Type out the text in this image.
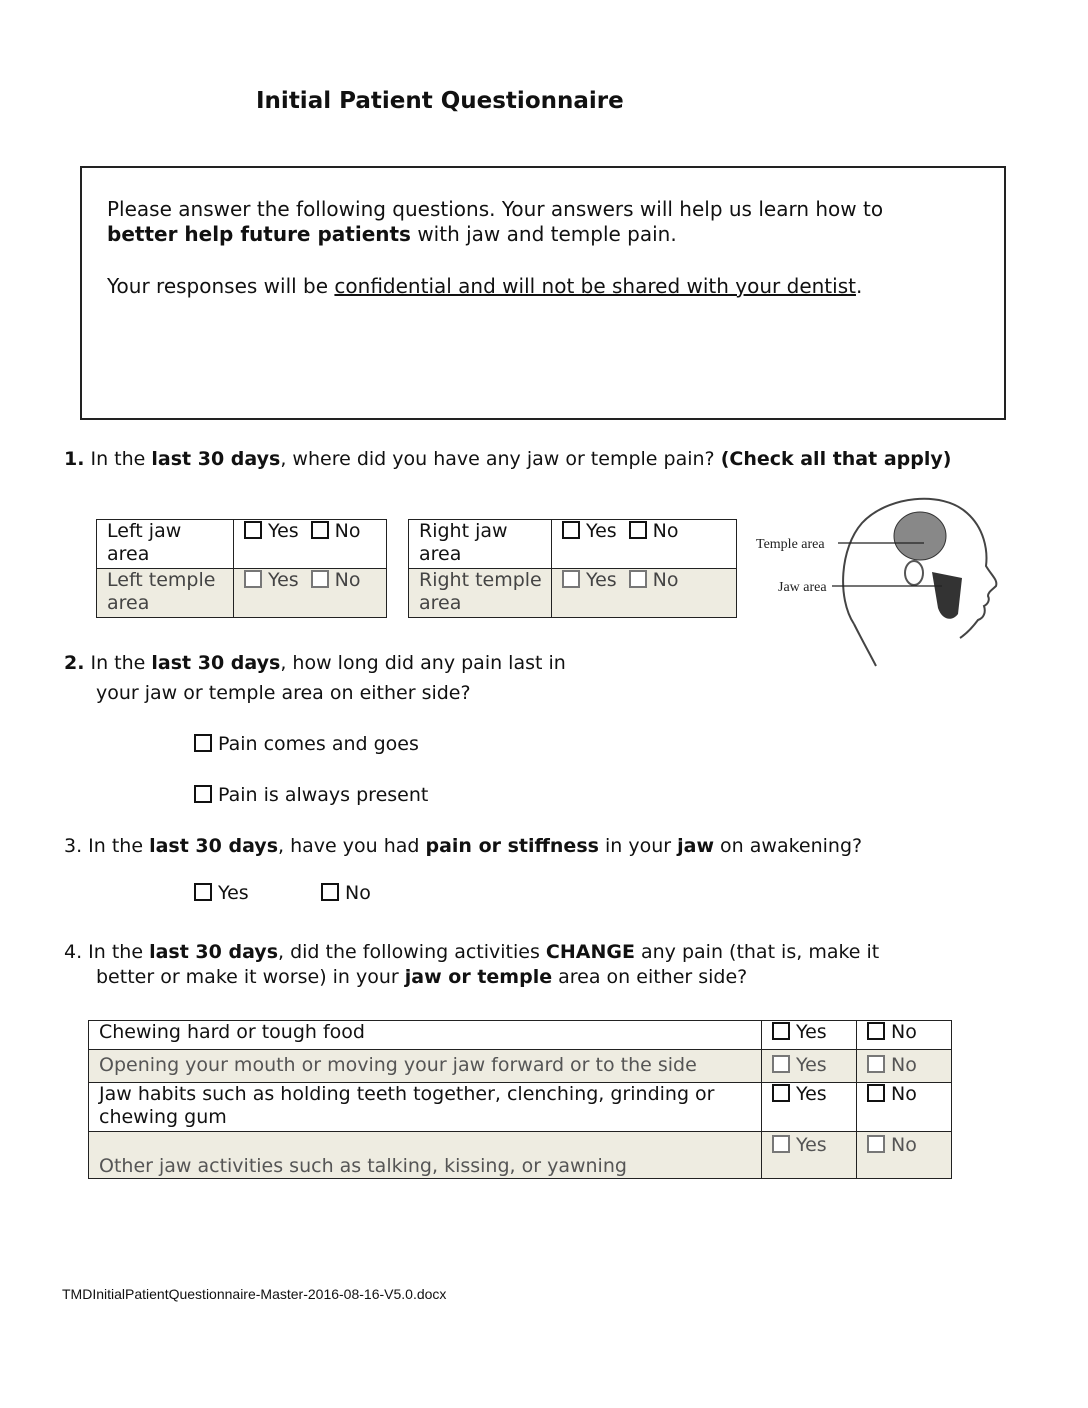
Initial Patient Questionnaire
Please answer the following questions. Your answers will help us learn how to
better help future patients with jaw and temple pain.
Your responses will be confidential and will not be shared with your dentist.
1. In the last 30 days, where did you have any jaw or temple pain? (Check all that apply)
Left jaw
area	Yes No		Right jaw
area	Yes No
Left temple
area	Yes No		Right temple
area	Yes No
Temple area
Jaw area
2. In the last 30 days, how long did any pain last in
your jaw or temple area on either side?
Pain comes and goes
Pain is always present
3. In the last 30 days, have you had pain or stiffness in your jaw on awakening?
Yes	No
4. In the last 30 days, did the following activities CHANGE any pain (that is, make it
better or make it worse) in your jaw or temple area on either side?
Chewing hard or tough food	Yes	No
Opening your mouth or moving your jaw forward or to the side	Yes	No
Jaw habits such as holding teeth together, clenching, grinding or
chewing gum	Yes	No
Other jaw activities such as talking, kissing, or yawning	Yes	No
TMDInitialPatientQuestionnaire-Master-2016-08-16-V5.0.docx
